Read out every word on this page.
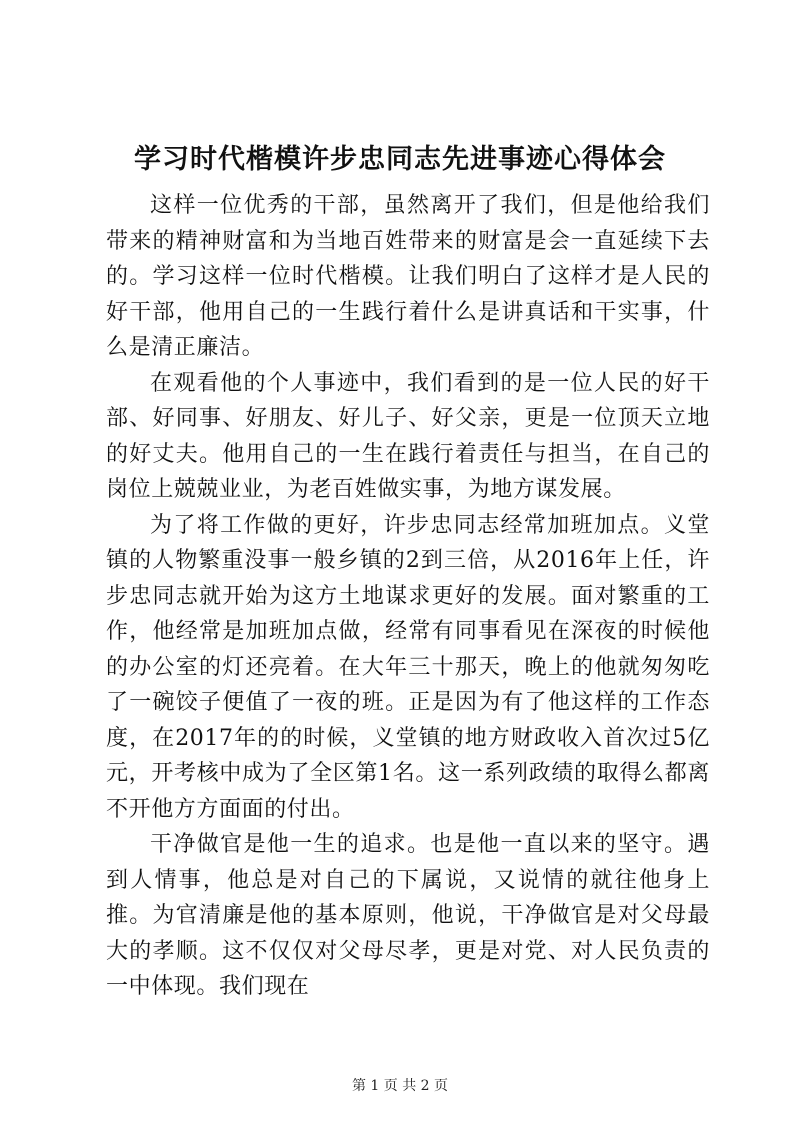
学习时代楷模许步忠同志先进事迹心得体会

这样一位优秀的干部，虽然离开了我们，但是他给我们带来的精神财富和为当地百姓带来的财富是会一直延续下去的。学习这样一位时代楷模。让我们明白了这样才是人民的好干部，他用自己的一生践行着什么是讲真话和干实事，什么是清正廉洁。

在观看他的个人事迹中，我们看到的是一位人民的好干部、好同事、好朋友、好儿子、好父亲，更是一位顶天立地的好丈夫。他用自己的一生在践行着责任与担当，在自己的岗位上兢兢业业，为老百姓做实事，为地方谋发展。

为了将工作做的更好，许步忠同志经常加班加点。义堂镇的人物繁重没事一般乡镇的2到三倍，从2016年上任，许步忠同志就开始为这方土地谋求更好的发展。面对繁重的工作，他经常是加班加点做，经常有同事看见在深夜的时候他的办公室的灯还亮着。在大年三十那天，晚上的他就匆匆吃了一碗饺子便值了一夜的班。正是因为有了他这样的工作态度，在2017年的的时候，义堂镇的地方财政收入首次过5亿元，开考核中成为了全区第1名。这一系列政绩的取得么都离不开他方方面面的付出。

干净做官是他一生的追求。也是他一直以来的坚守。遇到人情事，他总是对自己的下属说，又说情的就往他身上推。为官清廉是他的基本原则，他说，干净做官是对父母最大的孝顺。这不仅仅对父母尽孝，更是对党、对人民负责的一中体现。我们现在

第 1 页 共 2 页
